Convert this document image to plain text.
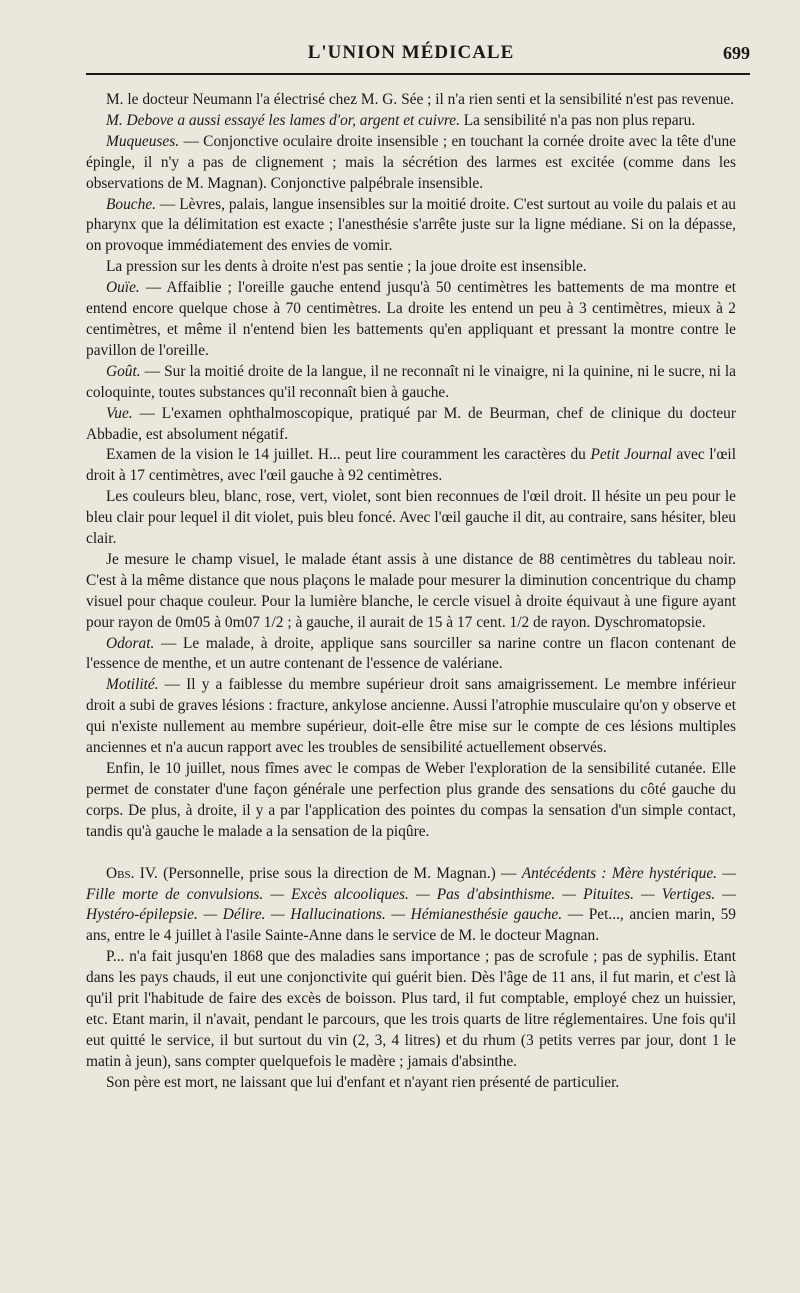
L'UNION MÉDICALE	699

M. le docteur Neumann l'a électrisé chez M. G. Sée ; il n'a rien senti et la sensibilité n'est pas revenue.

M. Debove a aussi essayé les lames d'or, argent et cuivre. La sensibilité n'a pas non plus reparu.

Muqueuses. — Conjonctive oculaire droite insensible ; en touchant la cornée droite avec la tête d'une épingle, il n'y a pas de clignement ; mais la sécrétion des larmes est excitée (comme dans les observations de M. Magnan). Conjonctive palpébrale insensible.

Bouche. — Lèvres, palais, langue insensibles sur la moitié droite. C'est surtout au voile du palais et au pharynx que la délimitation est exacte ; l'anesthésie s'arrête juste sur la ligne médiane. Si on la dépasse, on provoque immédiatement des envies de vomir.

La pression sur les dents à droite n'est pas sentie ; la joue droite est insensible.

Ouïe. — Affaiblie ; l'oreille gauche entend jusqu'à 50 centimètres les battements de ma montre et entend encore quelque chose à 70 centimètres. La droite les entend un peu à 3 centimètres, mieux à 2 centimètres, et même il n'entend bien les battements qu'en appliquant et pressant la montre contre le pavillon de l'oreille.

Goût. — Sur la moitié droite de la langue, il ne reconnaît ni le vinaigre, ni la quinine, ni le sucre, ni la coloquinte, toutes substances qu'il reconnaît bien à gauche.

Vue. — L'examen ophthalmoscopique, pratiqué par M. de Beurman, chef de clinique du docteur Abbadie, est absolument négatif.

Examen de la vision le 14 juillet. H... peut lire couramment les caractères du Petit Journal avec l'œil droit à 17 centimètres, avec l'œil gauche à 92 centimètres.

Les couleurs bleu, blanc, rose, vert, violet, sont bien reconnues de l'œil droit. Il hésite un peu pour le bleu clair pour lequel il dit violet, puis bleu foncé. Avec l'œil gauche il dit, au contraire, sans hésiter, bleu clair.

Je mesure le champ visuel, le malade étant assis à une distance de 88 centimètres du tableau noir. C'est à la même distance que nous plaçons le malade pour mesurer la diminution concentrique du champ visuel pour chaque couleur. Pour la lumière blanche, le cercle visuel à droite équivaut à une figure ayant pour rayon de 0m05 à 0m07 1/2 ; à gauche, il aurait de 15 à 17 cent. 1/2 de rayon. Dyschromatopsie.

Odorat. — Le malade, à droite, applique sans sourciller sa narine contre un flacon contenant de l'essence de menthe, et un autre contenant de l'essence de valériane.

Motilité. — Il y a faiblesse du membre supérieur droit sans amaigrissement. Le membre inférieur droit a subi de graves lésions : fracture, ankylose ancienne. Aussi l'atrophie musculaire qu'on y observe et qui n'existe nullement au membre supérieur, doit-elle être mise sur le compte de ces lésions multiples anciennes et n'a aucun rapport avec les troubles de sensibilité actuellement observés.

Enfin, le 10 juillet, nous fîmes avec le compas de Weber l'exploration de la sensibilité cutanée. Elle permet de constater d'une façon générale une perfection plus grande des sensations du côté gauche du corps. De plus, à droite, il y a par l'application des pointes du compas la sensation d'un simple contact, tandis qu'à gauche le malade a la sensation de la piqûre.

Obs. IV. (Personnelle, prise sous la direction de M. Magnan.) — Antécédents : Mère hystérique. — Fille morte de convulsions. — Excès alcooliques. — Pas d'absinthisme. — Pituites. — Vertiges. — Hystéro-épilepsie. — Délire. — Hallucinations. — Hémianesthésie gauche. — Pet..., ancien marin, 59 ans, entre le 4 juillet à l'asile Sainte-Anne dans le service de M. le docteur Magnan.

P... n'a fait jusqu'en 1868 que des maladies sans importance ; pas de scrofule ; pas de syphilis. Etant dans les pays chauds, il eut une conjonctivite qui guérit bien. Dès l'âge de 11 ans, il fut marin, et c'est là qu'il prit l'habitude de faire des excès de boisson. Plus tard, il fut comptable, employé chez un huissier, etc. Etant marin, il n'avait, pendant le parcours, que les trois quarts de litre réglementaires. Une fois qu'il eut quitté le service, il but surtout du vin (2, 3, 4 litres) et du rhum (3 petits verres par jour, dont 1 le matin à jeun), sans compter quelquefois le madère ; jamais d'absinthe.

Son père est mort, ne laissant que lui d'enfant et n'ayant rien présenté de particulier.
